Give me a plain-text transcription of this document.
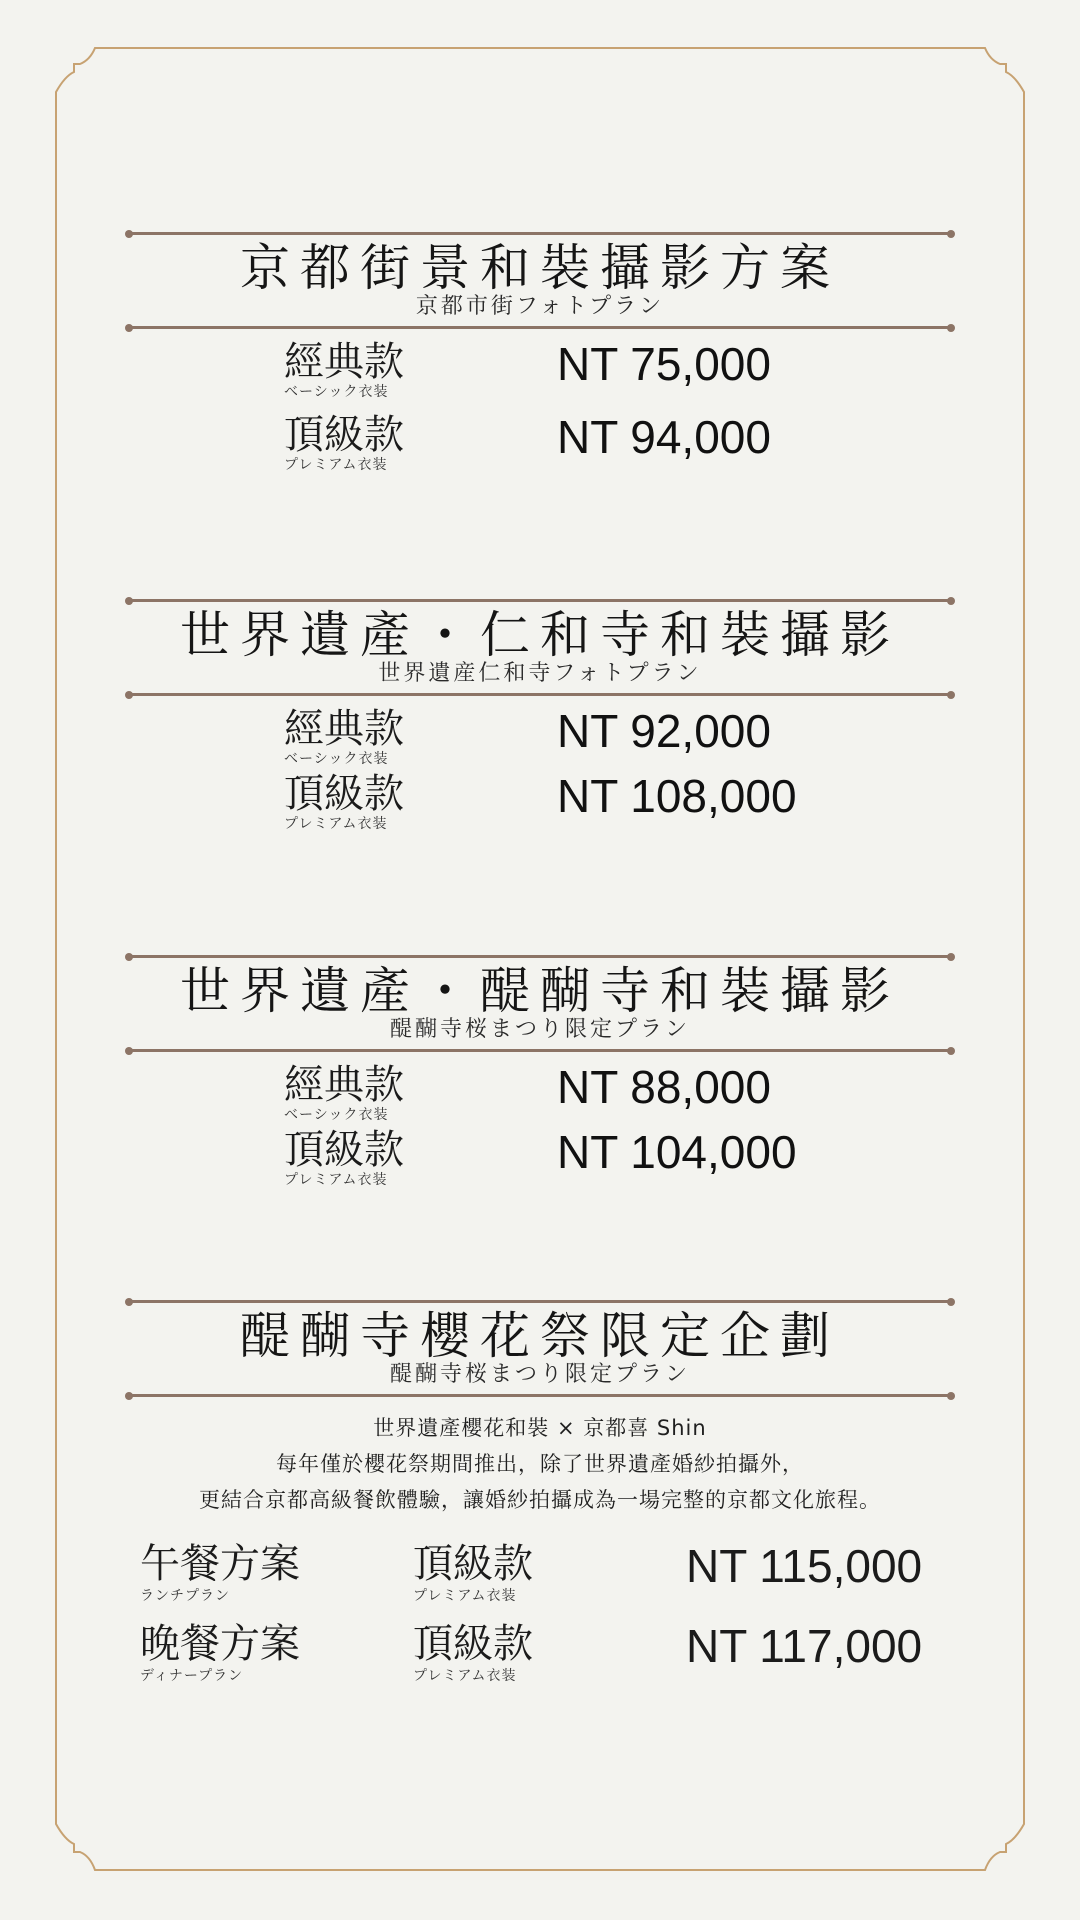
京都街景和裝攝影方案
京都市街フォトプラン
經典款
ベーシック衣装
NT 75,000
頂級款
プレミアム衣装
NT 94,000
世界遺產・仁和寺和裝攝影
世界遺産仁和寺フォトプラン
經典款
ベーシック衣装
NT 92,000
頂級款
プレミアム衣装
NT 108,000
世界遺產・醍醐寺和裝攝影
醍醐寺桜まつり限定プラン
經典款
ベーシック衣装
NT 88,000
頂級款
プレミアム衣装
NT 104,000
醍醐寺櫻花祭限定企劃
醍醐寺桜まつり限定プラン
世界遺產櫻花和裝 × 京都喜 Shin
每年僅於櫻花祭期間推出，除了世界遺產婚紗拍攝外，
更結合京都高級餐飲體驗，讓婚紗拍攝成為一場完整的京都文化旅程。
午餐方案
ランチプラン
頂級款
プレミアム衣装
NT 115,000
晚餐方案
ディナープラン
頂級款
プレミアム衣装
NT 117,000
